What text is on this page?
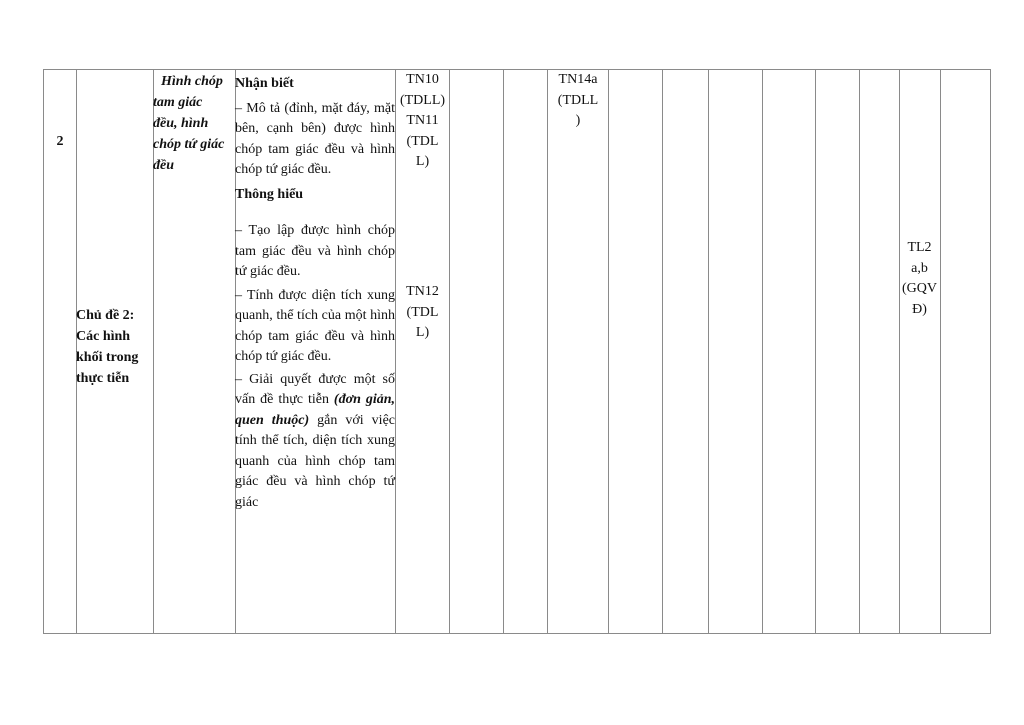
2
Chủ đề 2:
Các hình
khối trong
thực tiễn
Hình chóp
tam giác
đều, hình
chóp tứ giác
đều

Nhận biết

– Mô tả (đỉnh, mặt đáy, mặt bên, cạnh bên) được hình chóp tam giác đều và hình chóp tứ giác đều.

Thông hiểu

– Tạo lập được hình chóp tam giác đều và hình chóp tứ giác đều.

– Tính được diện tích xung quanh, thể tích của một hình chóp tam giác đều và hình chóp tứ giác đều.

– Giải quyết được một số vấn đề thực tiễn (đơn giản, quen thuộc) gắn với việc tính thể tích, diện tích xung quanh của hình chóp tam giác đều và hình chóp tứ giác

TN10
(TDLL)
TN11
(TDL
L)
TN12
(TDL
L)
TN14a
(TDLL
)
TL2
a,b
(GQV
Đ)
